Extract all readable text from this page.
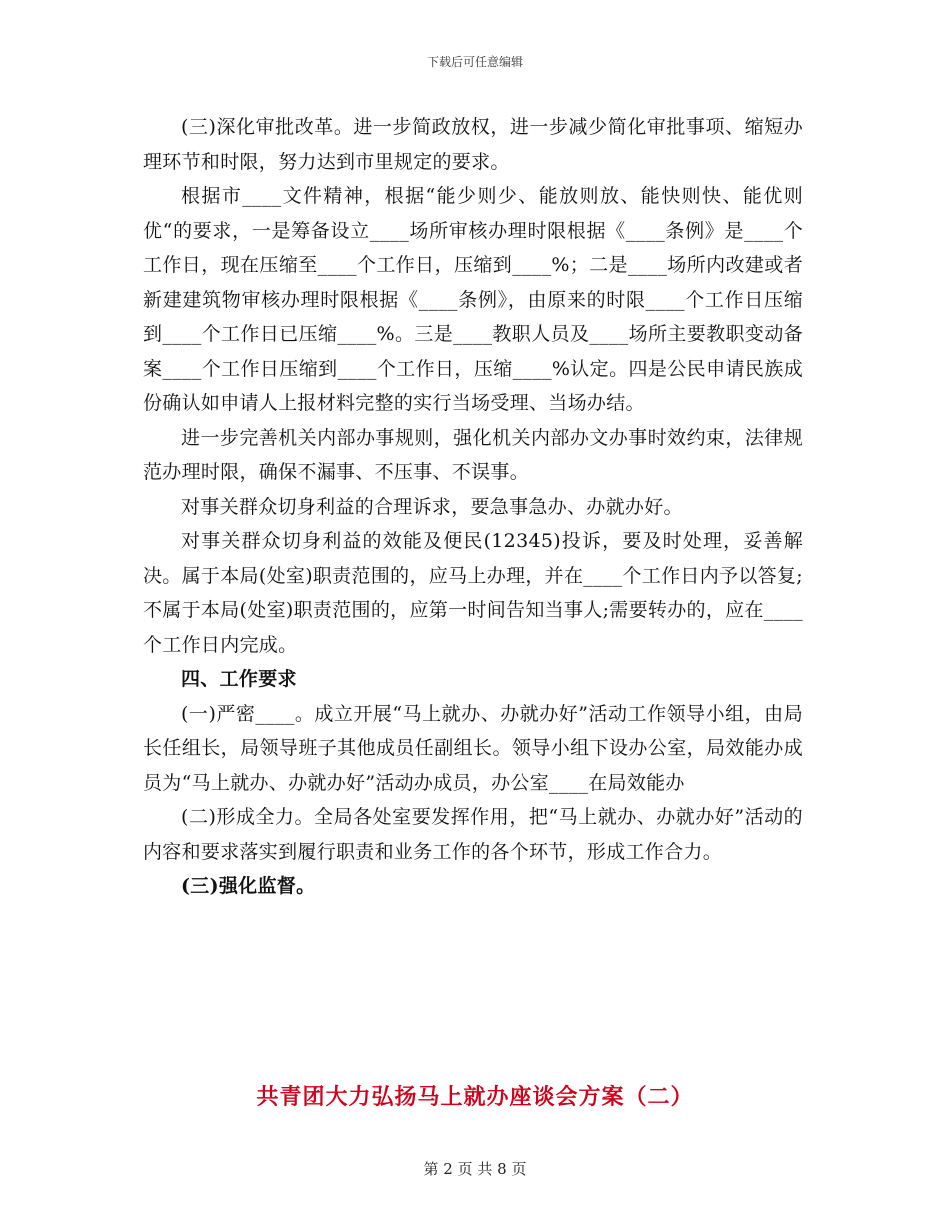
下载后可任意编辑

(三)深化审批改革。进一步简政放权，进一步减少简化审批事项、缩短办理环节和时限，努力达到市里规定的要求。

根据市____文件精神，根据“能少则少、能放则放、能快则快、能优则优“的要求，一是筹备设立____场所审核办理时限根据《____条例》是____个工作日，现在压缩至____个工作日，压缩到____%；二是____场所内改建或者新建建筑物审核办理时限根据《____条例》，由原来的时限____个工作日压缩到____个工作日已压缩____%。三是____教职人员及____场所主要教职变动备案____个工作日压缩到____个工作日，压缩____%认定。四是公民申请民族成份确认如申请人上报材料完整的实行当场受理、当场办结。

进一步完善机关内部办事规则，强化机关内部办文办事时效约束，法律规范办理时限，确保不漏事、不压事、不误事。

对事关群众切身利益的合理诉求，要急事急办、办就办好。

对事关群众切身利益的效能及便民(12345)投诉，要及时处理，妥善解决。属于本局(处室)职责范围的，应马上办理，并在____个工作日内予以答复;不属于本局(处室)职责范围的，应第一时间告知当事人;需要转办的，应在____个工作日内完成。

四、工作要求

(一)严密____。成立开展“马上就办、办就办好”活动工作领导小组，由局长任组长，局领导班子其他成员任副组长。领导小组下设办公室，局效能办成员为“马上就办、办就办好”活动办成员，办公室____在局效能办

(二)形成全力。全局各处室要发挥作用，把“马上就办、办就办好”活动的内容和要求落实到履行职责和业务工作的各个环节，形成工作合力。

(三)强化监督。

共青团大力弘扬马上就办座谈会方案（二）
第 2 页 共 8 页
